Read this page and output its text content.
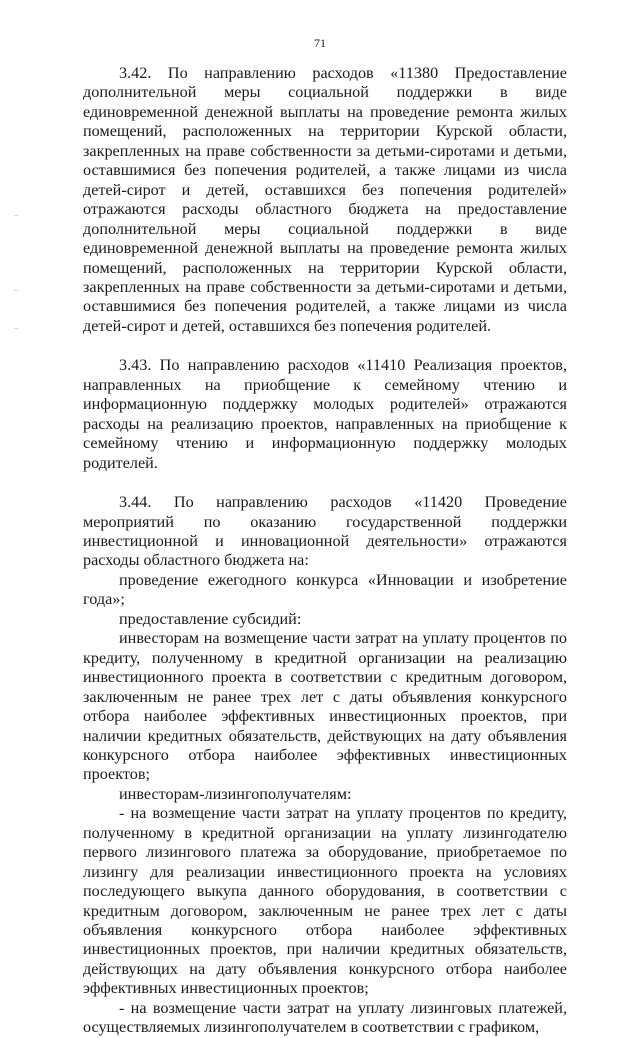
71

3.42. По направлению расходов «11380 Предоставление дополнительной меры социальной поддержки в виде единовременной денежной выплаты на проведение ремонта жилых помещений, расположенных на территории Курской области, закрепленных на праве собственности за детьми-сиротами и детьми, оставшимися без попечения родителей, а также лицами из числа детей-сирот и детей, оставшихся без попечения родителей» отражаются расходы областного бюджета на предоставление дополнительной меры социальной поддержки в виде единовременной денежной выплаты на проведение ремонта жилых помещений, расположенных на территории Курской области, закрепленных на праве собственности за детьми-сиротами и детьми, оставшимися без попечения родителей, а также лицами из числа детей-сирот и детей, оставшихся без попечения родителей.

3.43. По направлению расходов «11410 Реализация проектов, направленных на приобщение к семейному чтению и информационную поддержку молодых родителей» отражаются расходы на реализацию проектов, направленных на приобщение к семейному чтению и информационную поддержку молодых родителей.

3.44. По направлению расходов «11420 Проведение мероприятий по оказанию государственной поддержки инвестиционной и инновационной деятельности» отражаются расходы областного бюджета на:

проведение ежегодного конкурса «Инновации и изобретение года»;

предоставление субсидий:

инвесторам на возмещение части затрат на уплату процентов по кредиту, полученному в кредитной организации на реализацию инвестиционного проекта в соответствии с кредитным договором, заключенным не ранее трех лет с даты объявления конкурсного отбора наиболее эффективных инвестиционных проектов, при наличии кредитных обязательств, действующих на дату объявления конкурсного отбора наиболее эффективных инвестиционных проектов;

инвесторам-лизингополучателям:

- на возмещение части затрат на уплату процентов по кредиту, полученному в кредитной организации на уплату лизингодателю первого лизингового платежа за оборудование, приобретаемое по лизингу для реализации инвестиционного проекта на условиях последующего выкупа данного оборудования, в соответствии с кредитным договором, заключенным не ранее трех лет с даты объявления конкурсного отбора наиболее эффективных инвестиционных проектов, при наличии кредитных обязательств, действующих на дату объявления конкурсного отбора наиболее эффективных инвестиционных проектов;

- на возмещение части затрат на уплату лизинговых платежей, осуществляемых лизингополучателем в соответствии с графиком,
